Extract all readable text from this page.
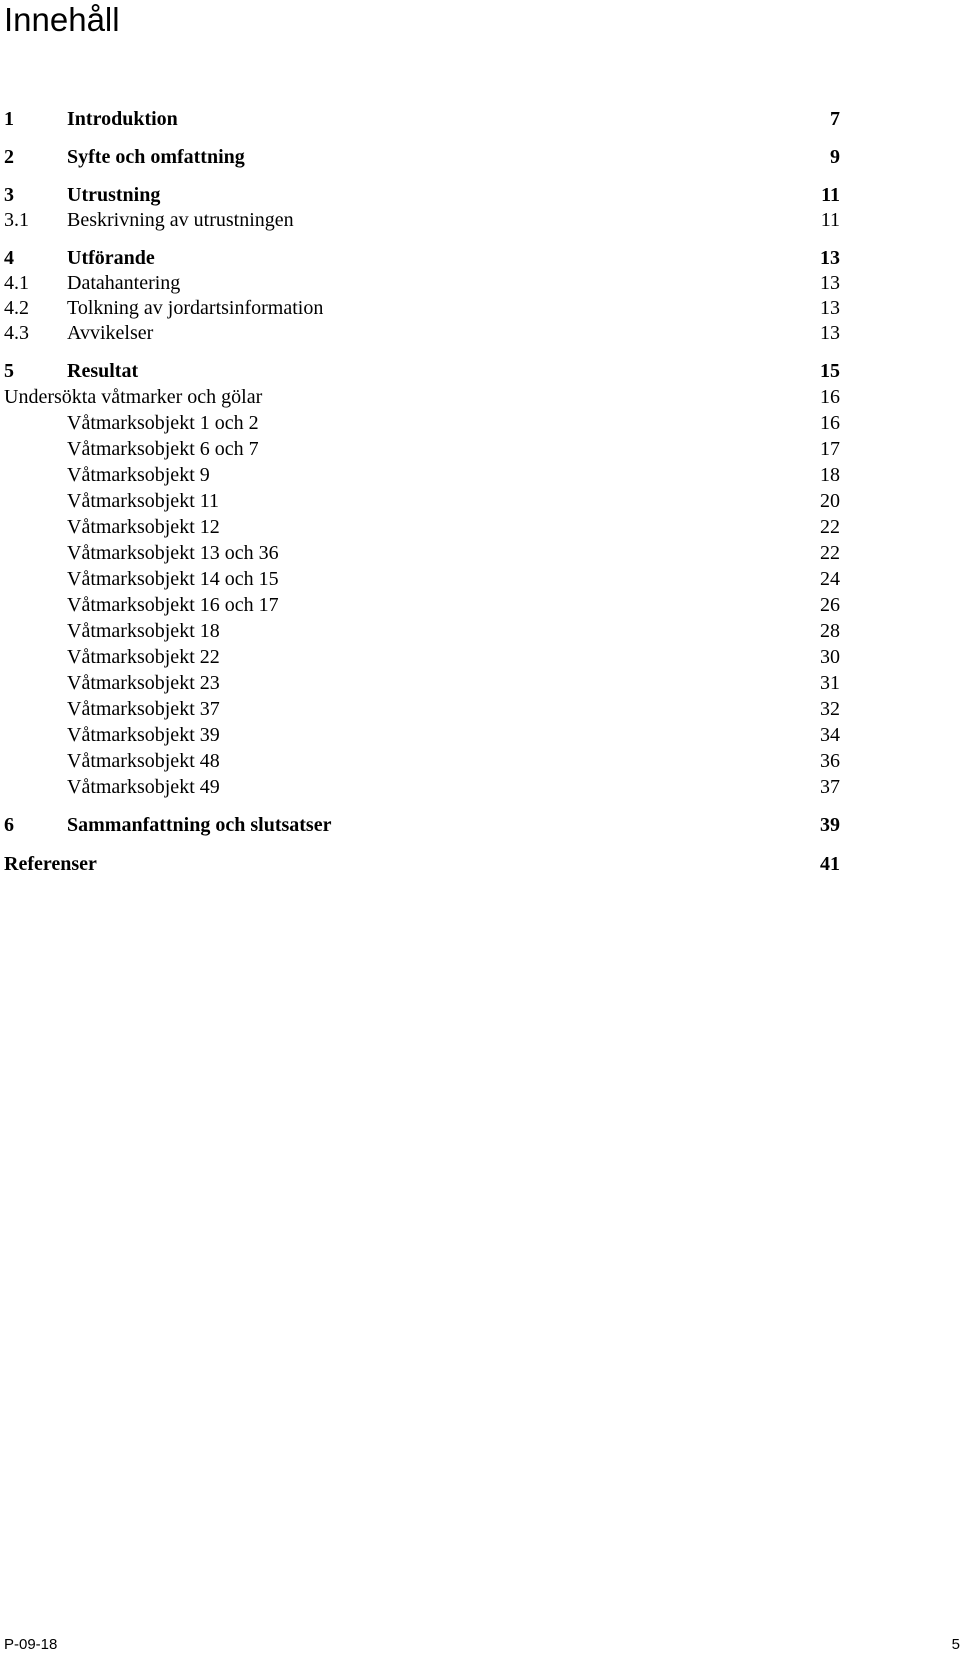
Innehåll
1	Introduktion	7
2	Syfte och omfattning	9
3	Utrustning	11
3.1 Beskrivning av utrustningen	11
4	Utförande	13
4.1 Datahantering	13
4.2 Tolkning av jordartsinformation	13
4.3 Avvikelser	13
5	Resultat	15
Undersökta våtmarker och gölar	16
Våtmarksobjekt 1 och 2	16
Våtmarksobjekt 6 och 7	17
Våtmarksobjekt 9	18
Våtmarksobjekt 11	20
Våtmarksobjekt 12	22
Våtmarksobjekt 13 och 36	22
Våtmarksobjekt 14 och 15	24
Våtmarksobjekt 16 och 17	26
Våtmarksobjekt 18	28
Våtmarksobjekt 22	30
Våtmarksobjekt 23	31
Våtmarksobjekt 37	32
Våtmarksobjekt 39	34
Våtmarksobjekt 48	36
Våtmarksobjekt 49	37
6	Sammanfattning och slutsatser	39
Referenser	41
P-09-18	5
